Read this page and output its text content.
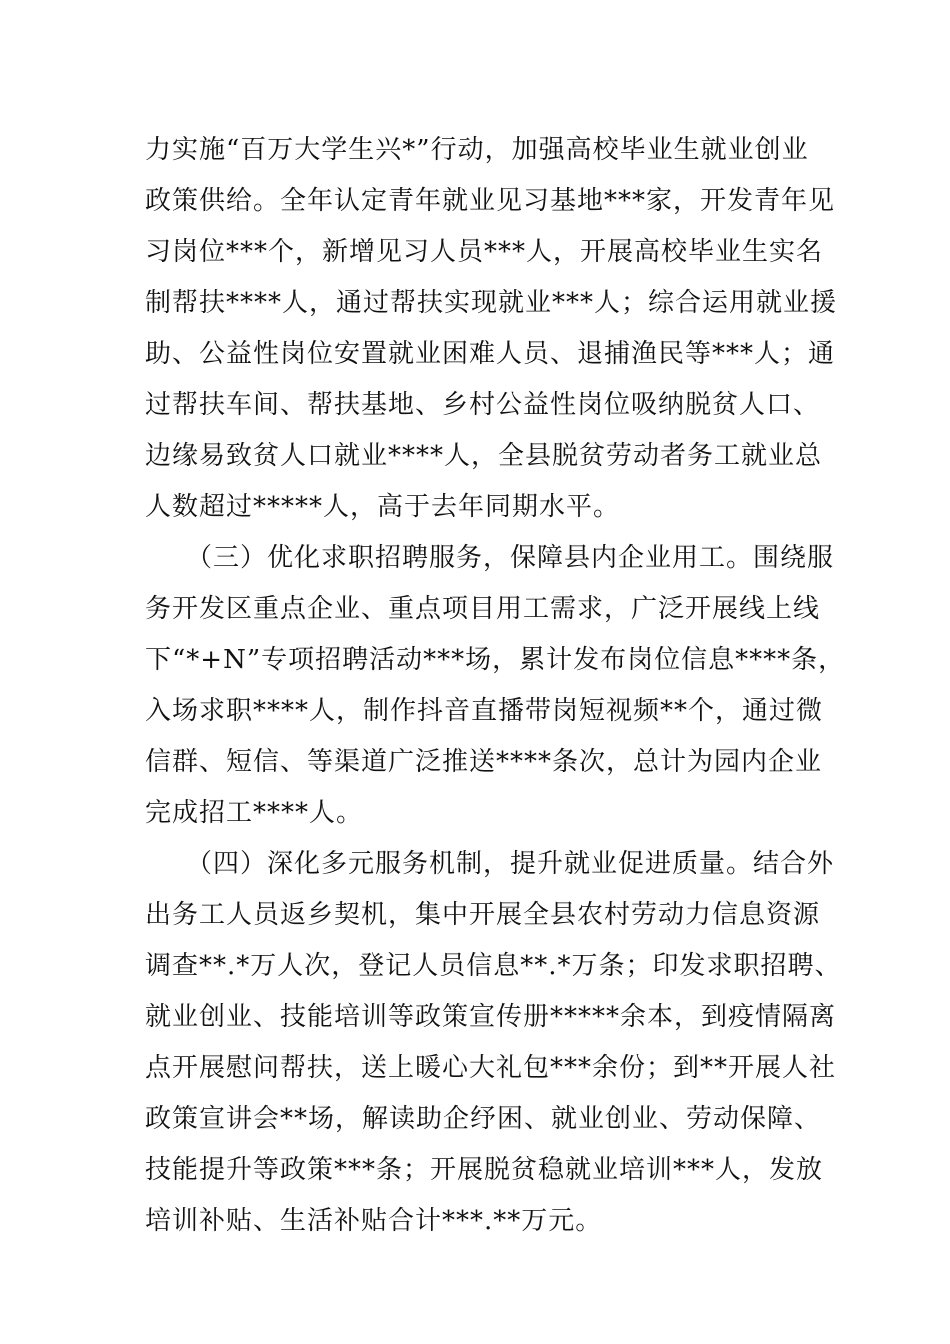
力实施“百万大学生兴*”行动，加强高校毕业生就业创业
政策供给。全年认定青年就业见习基地***家，开发青年见
习岗位***个，新增见习人员***人，开展高校毕业生实名
制帮扶****人，通过帮扶实现就业***人；综合运用就业援
助、公益性岗位安置就业困难人员、退捕渔民等***人；通
过帮扶车间、帮扶基地、乡村公益性岗位吸纳脱贫人口、
边缘易致贫人口就业****人，全县脱贫劳动者务工就业总
人数超过*****人，高于去年同期水平。
（三）优化求职招聘服务，保障县内企业用工。围绕服
务开发区重点企业、重点项目用工需求，广泛开展线上线
下“*+N”专项招聘活动***场，累计发布岗位信息****条，
入场求职****人，制作抖音直播带岗短视频**个，通过微
信群、短信、等渠道广泛推送****条次，总计为园内企业
完成招工****人。
（四）深化多元服务机制，提升就业促进质量。结合外
出务工人员返乡契机，集中开展全县农村劳动力信息资源
调查**.*万人次，登记人员信息**.*万条；印发求职招聘、
就业创业、技能培训等政策宣传册*****余本，到疫情隔离
点开展慰问帮扶，送上暖心大礼包***余份；到**开展人社
政策宣讲会**场，解读助企纾困、就业创业、劳动保障、
技能提升等政策***条；开展脱贫稳就业培训***人，发放
培训补贴、生活补贴合计***.**万元。
